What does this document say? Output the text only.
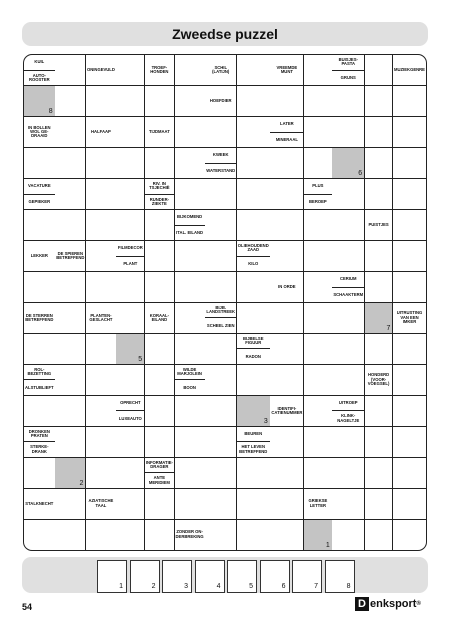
Zweedse puzzel
KUIL
AUTO-ROOSTER
ONINGEVULD	TROEF-HONDEN
SCHIL (LATIJN)
VREEMDE MUNT
BUISJES-PASTA
GRUNS
MUZIEKGENRE
8
HOEFDIER
IN BOLLEN WOL GE-DRAAID
HALFAAP	TIJDMAAT
LATER
MINERAAL
KWEEK
WATERSTAND	6
VACATURE
GEPIEKER
RIV. IN TSJECHIË
RUNDER-ZIEKTE
PLUS
BEROEP
BIJKOMEND
ITAL. EILAND
PUISTJES
LEKKER	DE SPIEREN BETREFFEND
FILMDECOR
PLANT
OLIEHOUDEND ZAAD
KILO
IN ORDE
CERIUM
SCHAAKTERM
DE STERREN BETREFFEND
PLANTEN-GESLACHT
KORAAL-EILAND
BIJB. LANDSTREEK
SCHEEL ZIEN	7
UITRUSTING VAN EEN IMKER
5
BIJBELSE FIGUUR
RADON
ROL-BEZETTING
ALSTUBLIEFT
WILDE MARJOLEIN
BOON
HONDERD (VOOR-VOEGSEL)
OPRECHT
LUXEAUTO	3
IDENTIFI-CATIENUMMER
UITROEP
KLINK-NAGELTJE
DRONKEN PRATEN
STERKE-DRANK
BEUREN
HET LEVEN BETREFFEND
2
INFORMATIE-DRAGER
ANTE MERIDIEM
STALKNECHT	AZIATISCHE TAAL
GRIEKSE LETTER
ZONDER ON-DERBREKING
1
1	2	3	4	5	6	7	8
54	D enksport ®
